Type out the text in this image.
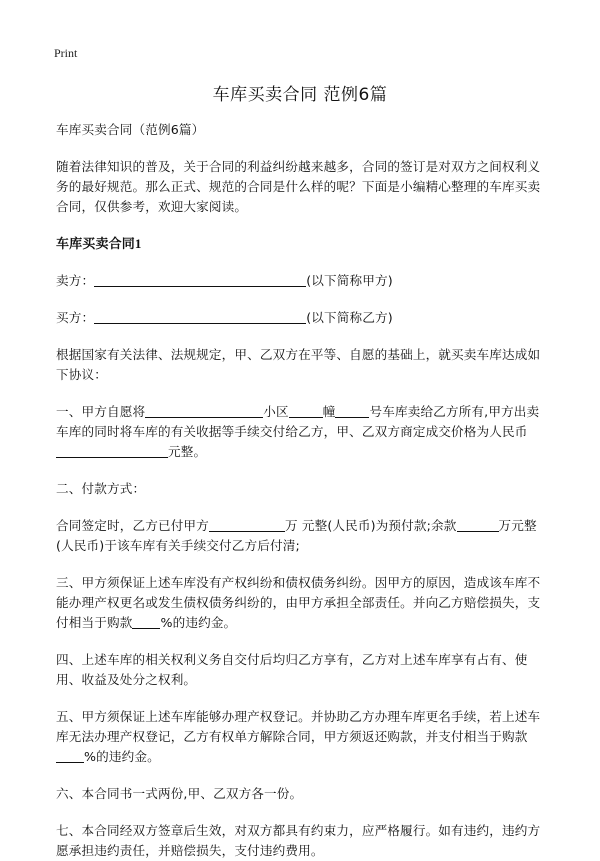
Print
车库买卖合同 范例6篇

车库买卖合同（范例6篇）

随着法律知识的普及，关于合同的利益纠纷越来越多，合同的签订是对双方之间权利义务的最好规范。那么正式、规范的合同是什么样的呢？下面是小编精心整理的车库买卖合同，仅供参考，欢迎大家阅读。

车库买卖合同1

卖方：	(以下简称甲方)

买方：	(以下简称乙方)

根据国家有关法律、法规规定，甲、乙双方在平等、自愿的基础上，就买卖车库达成如下协议：

一、甲方自愿将	小区	幢	号车库卖给乙方所有,甲方出卖车库的同时将车库的有关收据等手续交付给乙方，甲、乙双方商定成交价格为人民币元整。

二、付款方式：

合同签定时，乙方已付甲方	万 元整(人民币)为预付款;余款	万元整(人民币)于该车库有关手续交付乙方后付清;

三、甲方须保证上述车库没有产权纠纷和债权债务纠纷。因甲方的原因，造成该车库不能办理产权更名或发生债权债务纠纷的，由甲方承担全部责任。并向乙方赔偿损失，支付相当于购款 %的违约金。

四、上述车库的相关权利义务自交付后均归乙方享有，乙方对上述车库享有占有、使用、收益及处分之权利。

五、甲方须保证上述车库能够办理产权登记。并协助乙方办理车库更名手续，若上述车库无法办理产权登记，乙方有权单方解除合同，甲方须返还购款，并支付相当于购款%的违约金。

六、本合同书一式两份,甲、乙双方各一份。

七、本合同经双方签章后生效，对双方都具有约束力，应严格履行。如有违约，违约方愿承担违约责任，并赔偿损失，支付违约费用。
